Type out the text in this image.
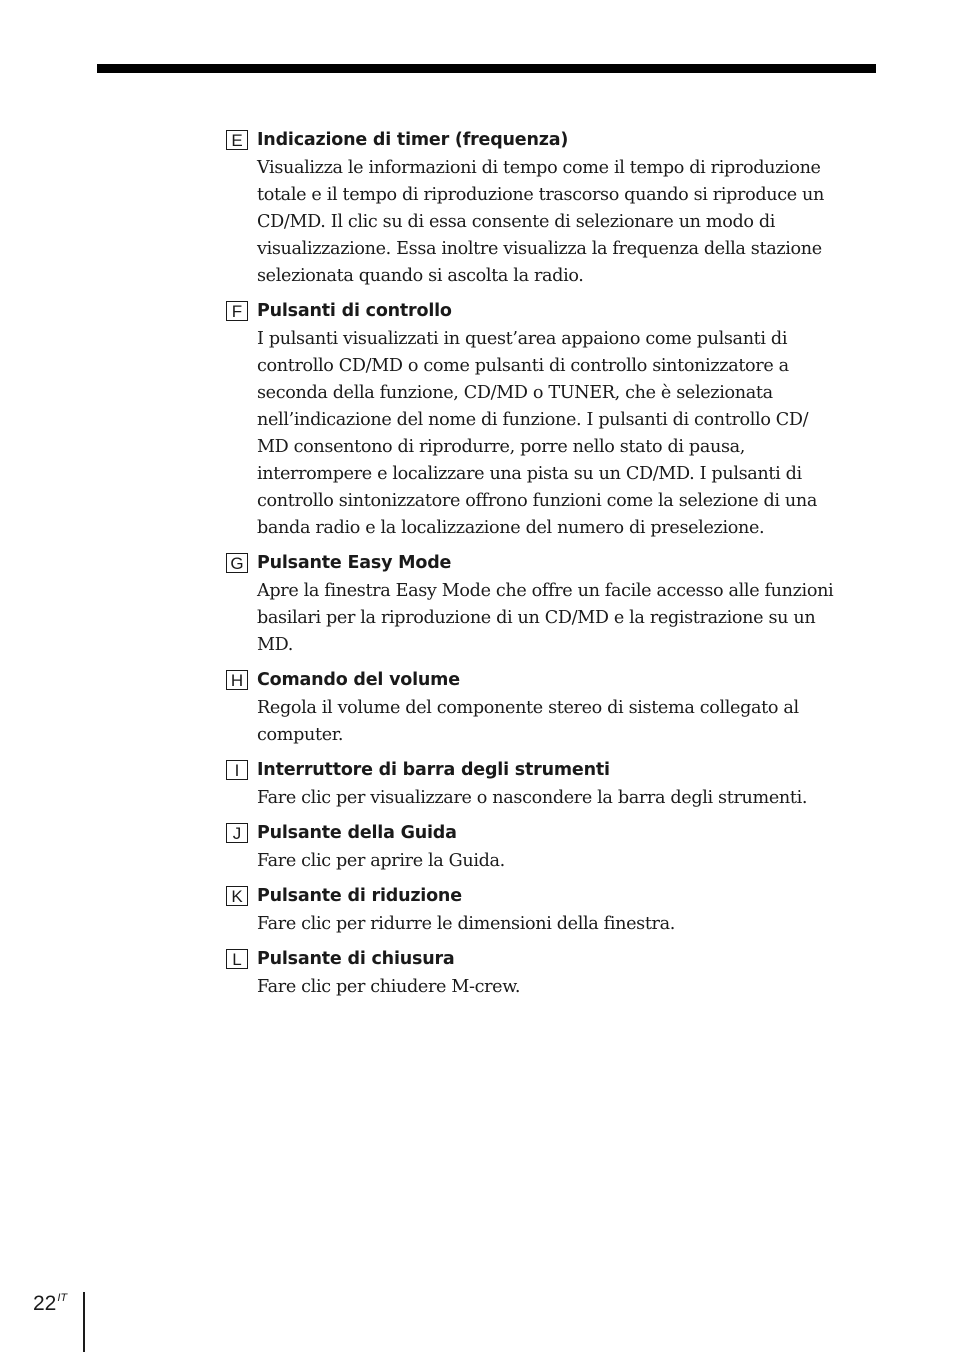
E Indicazione di timer (frequenza)
Visualizza le informazioni di tempo come il tempo di riproduzione
totale e il tempo di riproduzione trascorso quando si riproduce un
CD/MD. Il clic su di essa consente di selezionare un modo di
visualizzazione. Essa inoltre visualizza la frequenza della stazione
selezionata quando si ascolta la radio.
F Pulsanti di controllo
I pulsanti visualizzati in quest’area appaiono come pulsanti di
controllo CD/MD o come pulsanti di controllo sintonizzatore a
seconda della funzione, CD/MD o TUNER, che è selezionata
nell’indicazione del nome di funzione. I pulsanti di controllo CD/
MD consentono di riprodurre, porre nello stato di pausa,
interrompere e localizzare una pista su un CD/MD. I pulsanti di
controllo sintonizzatore offrono funzioni come la selezione di una
banda radio e la localizzazione del numero di preselezione.
G Pulsante Easy Mode
Apre la finestra Easy Mode che offre un facile accesso alle funzioni
basilari per la riproduzione di un CD/MD e la registrazione su un
MD.
H Comando del volume
Regola il volume del componente stereo di sistema collegato al
computer.
I	Interruttore di barra degli strumenti
Fare clic per visualizzare o nascondere la barra degli strumenti.
J Pulsante della Guida
Fare clic per aprire la Guida.
K Pulsante di riduzione
Fare clic per ridurre le dimensioni della finestra.
L Pulsante di chiusura
Fare clic per chiudere M-crew.
$22^{IT}$
